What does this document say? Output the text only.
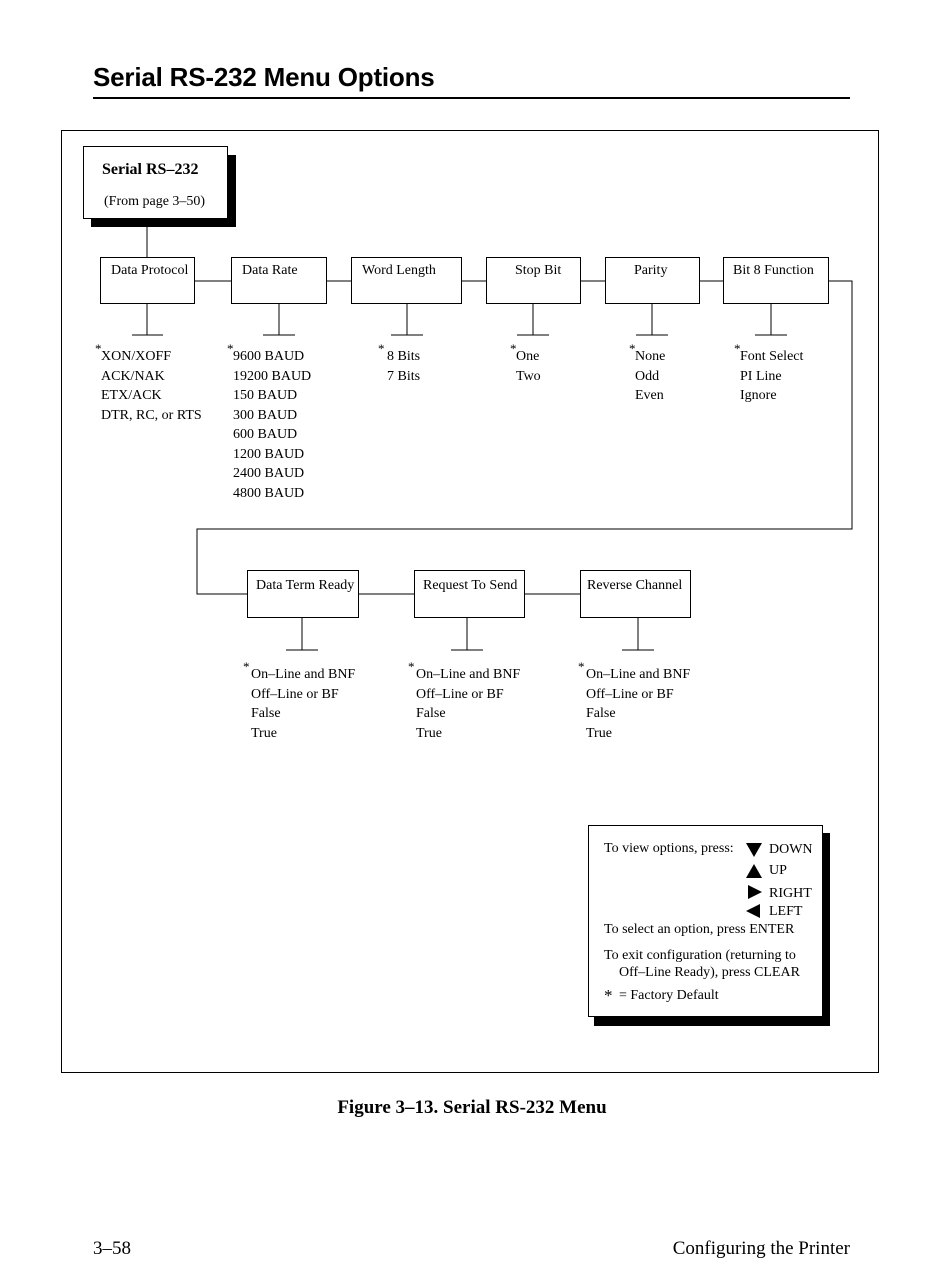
Serial RS-232 Menu Options
Serial RS–232
(From page 3–50)
Data Protocol	Data Rate	Word Length	Stop Bit	Parity	Bit 8 Function
*
XON/XOFF
ACK/NAK
ETX/ACK
DTR, RC, or RTS
*
9600 BAUD
19200 BAUD
150 BAUD
300 BAUD
600 BAUD
1200 BAUD
2400 BAUD
4800 BAUD
*
8 Bits
7 Bits
*
One
Two
*
None
Odd
Even
*
Font Select
PI Line
Ignore
Data Term Ready	Request To Send	Reverse Channel
*
On–Line and BNF
Off–Line or BF
False
True
*
On–Line and BNF
Off–Line or BF
False
True
*
On–Line and BNF
Off–Line or BF
False
True
To view options, press:	DOWN
UP
RIGHT
LEFT
To select an option, press ENTER
To exit configuration (returning to
Off–Line Ready), press CLEAR
* = Factory Default
Figure 3–13. Serial RS-232 Menu
3–58	Configuring the Printer
